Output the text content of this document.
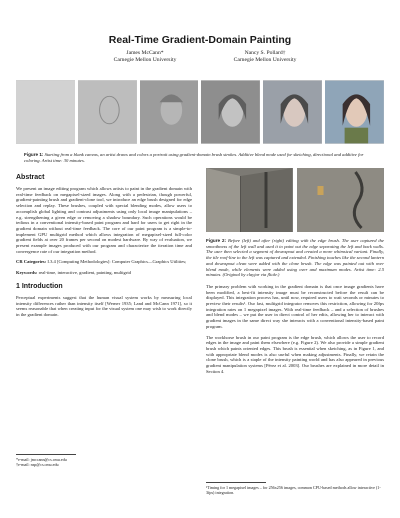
Real-Time Gradient-Domain Painting
James McCann*
Carnegie Mellon University
Nancy S. Pollard†
Carnegie Mellon University
Figure 1: Starting from a blank canvas, an artist draws and colors a portrait using gradient-domain brush strokes. Additive blend mode used for sketching, directional and additive for coloring. Artist time: 30 minutes.
Abstract
We present an image editing program which allows artists to paint in the gradient domain with real-time feedback on megapixel-sized images. Along with a pedestrian, though powerful, gradient-painting brush and gradient-clone tool, we introduce an edge brush designed for edge selection and replay. These brushes, coupled with special blending modes, allow users to accomplish global lighting and contrast adjustments using only local image manipulations – e.g. strengthening a given edge or removing a shadow boundary. Such operations would be tedious in a conventional intensity-based paint program and hard for users to get right in the gradient domain without real-time feedback. The core of our paint program is a simple-to-implement GPU multigrid method which allows integration of megapixel-sized full-color gradient fields at over 20 frames per second on modest hardware. By way of evaluation, we present example images produced with our program and characterize the iteration time and convergence rate of our integration method.
CR Categories: I.3.4 [Computing Methodologies]: Computer Graphics—Graphics Utilities;
Keywords: real-time, interactive, gradient, painting, multigrid
1 Introduction
Perceptual experiments suggest that the human visual system works by measuring local intensity differences rather than intensity itself [Werner 1935; Land and McCann 1971], so it seems reasonable that when creating input for the visual system one may wish to work directly in the gradient domain.
*e-mail: jmccann@cs.cmu.edu
†e-mail: nsp@cs.cmu.edu
Figure 2: Before (left) and after (right) editing with the edge brush. The user captured the smoothness of the left wall and used it to paint out the edge separating the left and back walls. The user then selected a segment of downspout and created a more whimsical variant. Finally, the tile roof-line to the left was captured and extended. Finishing touches like the second lantern and downspout clean were added with the clone brush. The edge was painted out with over blend mode, while elements were added using over and maximum modes. Artist time: 2.5 minutes. (Original by clayjar via flickr.)
The primary problem with working in the gradient domain is that once image gradients have been modified, a best-fit intensity image must be reconstructed before the result can be displayed. This integration process has, until now, required users to wait seconds or minutes to preview their results¹. Our fast, multigrid integrator removes this restriction, allowing for 20fps integration rates on 1 megapixel images. With real-time feedback – and a selection of brushes and blend modes – we put the user in direct control of her edits, allowing her to interact with gradient images in the same direct way she interacts with a conventional intensity-based paint program.
The workhorse brush in our paint program is the edge brush, which allows the user to record edges in the image and paint them elsewhere (e.g. Figure 2). We also provide a simple gradient brush which paints oriented edges. This brush is essential when sketching, as in Figure 1, and with appropriate blend modes is also useful when making adjustments. Finally, we retain the clone brush, which is a staple of the intensity painting world and has also appeared in previous gradient manipulation systems [Pérez et al. 2003]. Our brushes are explained in more detail in Section 4.
¹Timing for 1 megapixel images – for 256x256 images, common CPU-based methods allow interactive (1-3fps) integration.
